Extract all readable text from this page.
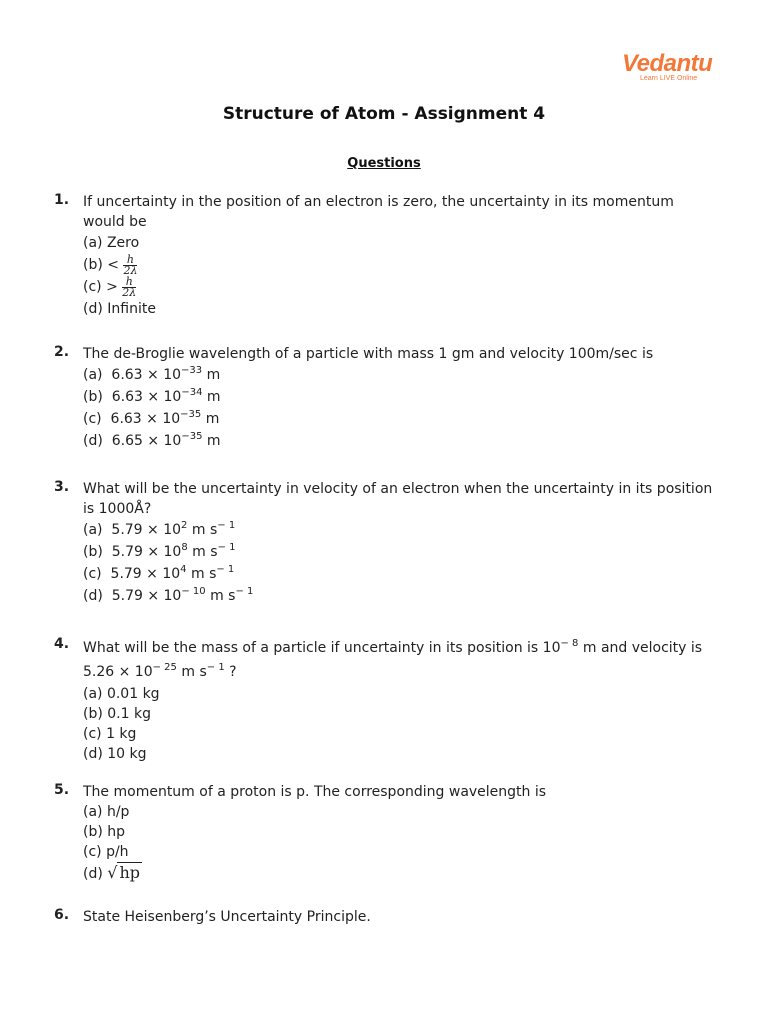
Vedantu
Learn LIVE Online
Structure of Atom - Assignment 4
Questions
1. If uncertainty in the position of an electron is zero, the uncertainty in its momentum would be
(a) Zero
$(b) < \frac{h}{2\lambda}$
$(c) > \frac{h}{2\lambda}$
(d) Infinite
2. The de-Broglie wavelength of a particle with mass 1 gm and velocity 100m/sec is
(a) $6.63 \times 10^{-33}$ m
(b) $6.63 \times 10^{-34}$ m
(c) $6.63 \times 10^{-35}$ m
(d) $6.65 \times 10^{-35}$ m
3. What will be the uncertainty in velocity of an electron when the uncertainty in its position is 1000Å?
(a) $5.79 \times 10^2$ m $s^{- 1}$
(b) $5.79 \times 10^8$ m $s^{- 1}$
(c) $5.79 \times 10^4$ m $s^{- 1}$
(d) $5.79 \times 10^{- 10}$ m $s^{- 1}$
4. What will be the mass of a particle if uncertainty in its position is $10^{- 8}$ m and velocity is $5.26 \times 10^{- 25}$ m $s^{- 1}$ ?
(a) 0.01 kg
(b) 0.1 kg
(c) 1 kg
(d) 10 kg
5. The momentum of a proton is p. The corresponding wavelength is
(a) h/p
(b) hp
(c) p/h
(d) √ hp
6. State Heisenberg’s Uncertainty Principle.
